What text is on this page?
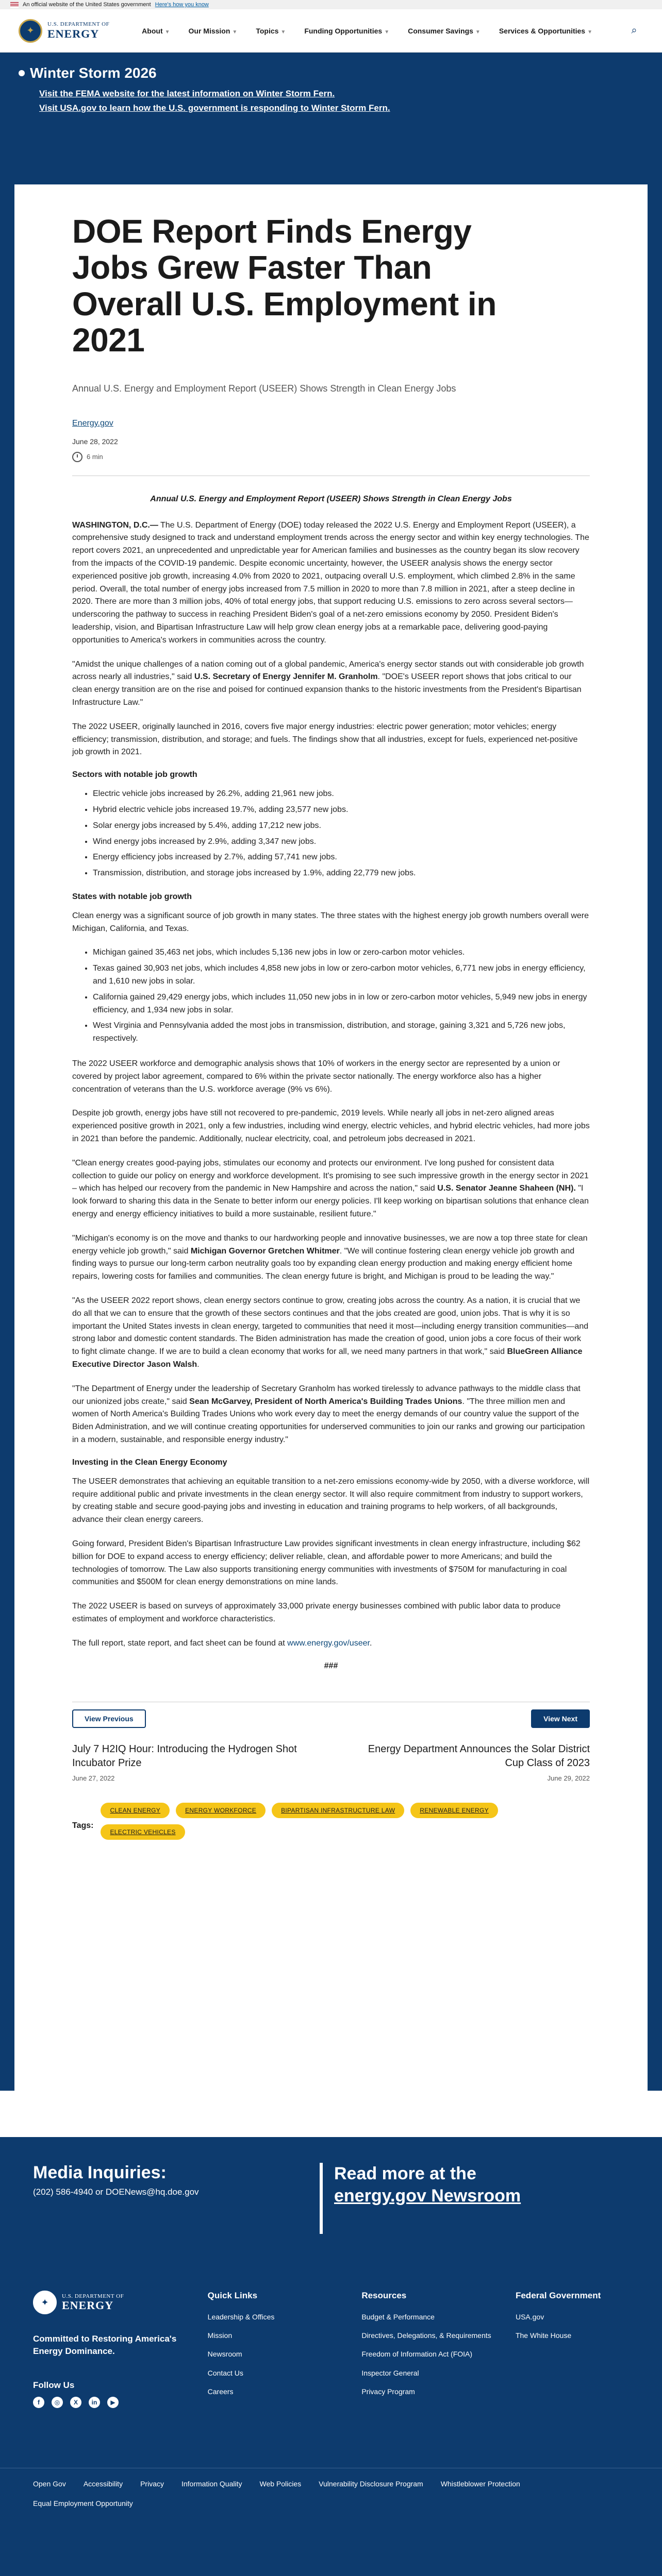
An official website of the United States government Here's how you know
✦
U.S. DEPARTMENT OF
ENERGY	About ▼	Our Mission ▼	Topics ▼	Funding Opportunities ▼	Consumer Savings ▼	Services & Opportunities ▼	⌕
Winter Storm 2026
Visit the FEMA website for the latest information on Winter Storm Fern.
Visit USA.gov to learn how the U.S. government is responding to Winter Storm Fern.
DOE Report Finds Energy Jobs Grew Faster Than Overall U.S. Employment in 2021
Annual U.S. Energy and Employment Report (USEER) Shows Strength in Clean Energy Jobs
Energy.gov
June 28, 2022
6 min
Annual U.S. Energy and Employment Report (USEER) Shows Strength in Clean Energy Jobs

WASHINGTON, D.C.— The U.S. Department of Energy (DOE) today released the 2022 U.S. Energy and Employment Report (USEER), a comprehensive study designed to track and understand employment trends across the energy sector and within key energy technologies. The report covers 2021, an unprecedented and unpredictable year for American families and businesses as the country began its slow recovery from the impacts of the COVID-19 pandemic. Despite economic uncertainty, however, the USEER analysis shows the energy sector experienced positive job growth, increasing 4.0% from 2020 to 2021, outpacing overall U.S. employment, which climbed 2.8% in the same period. Overall, the total number of energy jobs increased from 7.5 million in 2020 to more than 7.8 million in 2021, after a steep decline in 2020. There are more than 3 million jobs, 40% of total energy jobs, that support reducing U.S. emissions to zero across several sectors—underscoring the pathway to success in reaching President Biden's goal of a net-zero emissions economy by 2050. President Biden's leadership, vision, and Bipartisan Infrastructure Law will help grow clean energy jobs at a remarkable pace, delivering good-paying opportunities to America's workers in communities across the country.

"Amidst the unique challenges of a nation coming out of a global pandemic, America's energy sector stands out with considerable job growth across nearly all industries," said U.S. Secretary of Energy Jennifer M. Granholm. "DOE's USEER report shows that jobs critical to our clean energy transition are on the rise and poised for continued expansion thanks to the historic investments from the President's Bipartisan Infrastructure Law."

The 2022 USEER, originally launched in 2016, covers five major energy industries: electric power generation; motor vehicles; energy efficiency; transmission, distribution, and storage; and fuels. The findings show that all industries, except for fuels, experienced net-positive job growth in 2021.

Sectors with notable job growth
• Electric vehicle jobs increased by 26.2%, adding 21,961 new jobs.
• Hybrid electric vehicle jobs increased 19.7%, adding 23,577 new jobs.
• Solar energy jobs increased by 5.4%, adding 17,212 new jobs.
• Wind energy jobs increased by 2.9%, adding 3,347 new jobs.
• Energy efficiency jobs increased by 2.7%, adding 57,741 new jobs.
• Transmission, distribution, and storage jobs increased by 1.9%, adding 22,779 new jobs.
States with notable job growth

Clean energy was a significant source of job growth in many states. The three states with the highest energy job growth numbers overall were Michigan, California, and Texas.

• Michigan gained 35,463 net jobs, which includes 5,136 new jobs in low or zero-carbon motor vehicles.
• Texas gained 30,903 net jobs, which includes 4,858 new jobs in low or zero-carbon motor vehicles, 6,771 new jobs in energy efficiency, and 1,610 new jobs in solar.
• California gained 29,429 energy jobs, which includes 11,050 new jobs in in low or zero-carbon motor vehicles, 5,949 new jobs in energy efficiency, and 1,934 new jobs in solar.
• West Virginia and Pennsylvania added the most jobs in transmission, distribution, and storage, gaining 3,321 and 5,726 new jobs, respectively.

The 2022 USEER workforce and demographic analysis shows that 10% of workers in the energy sector are represented by a union or covered by project labor agreement, compared to 6% within the private sector nationally. The energy workforce also has a higher concentration of veterans than the U.S. workforce average (9% vs 6%).

Despite job growth, energy jobs have still not recovered to pre-pandemic, 2019 levels. While nearly all jobs in net-zero aligned areas experienced positive growth in 2021, only a few industries, including wind energy, electric vehicles, and hybrid electric vehicles, had more jobs in 2021 than before the pandemic. Additionally, nuclear electricity, coal, and petroleum jobs decreased in 2021.

"Clean energy creates good-paying jobs, stimulates our economy and protects our environment. I've long pushed for consistent data collection to guide our policy on energy and workforce development. It's promising to see such impressive growth in the energy sector in 2021 – which has helped our recovery from the pandemic in New Hampshire and across the nation," said U.S. Senator Jeanne Shaheen (NH). "I look forward to sharing this data in the Senate to better inform our energy policies. I'll keep working on bipartisan solutions that enhance clean energy and energy efficiency initiatives to build a more sustainable, resilient future."

"Michigan's economy is on the move and thanks to our hardworking people and innovative businesses, we are now a top three state for clean energy vehicle job growth," said Michigan Governor Gretchen Whitmer. "We will continue fostering clean energy vehicle job growth and finding ways to pursue our long-term carbon neutrality goals too by expanding clean energy production and making energy efficient home repairs, lowering costs for families and communities. The clean energy future is bright, and Michigan is proud to be leading the way."

"As the USEER 2022 report shows, clean energy sectors continue to grow, creating jobs across the country. As a nation, it is crucial that we do all that we can to ensure that the growth of these sectors continues and that the jobs created are good, union jobs. That is why it is so important the United States invests in clean energy, targeted to communities that need it most—including energy transition communities—and strong labor and domestic content standards. The Biden administration has made the creation of good, union jobs a core focus of their work to fight climate change. If we are to build a clean economy that works for all, we need many partners in that work," said BlueGreen Alliance Executive Director Jason Walsh.

"The Department of Energy under the leadership of Secretary Granholm has worked tirelessly to advance pathways to the middle class that our unionized jobs create," said Sean McGarvey, President of North America's Building Trades Unions. "The three million men and women of North America's Building Trades Unions who work every day to meet the energy demands of our country value the support of the Biden Administration, and we will continue creating opportunities for underserved communities to join our ranks and growing our participation in a modern, sustainable, and responsible energy industry."

Investing in the Clean Energy Economy

The USEER demonstrates that achieving an equitable transition to a net-zero emissions economy-wide by 2050, with a diverse workforce, will require additional public and private investments in the clean energy sector. It will also require commitment from industry to support workers, by creating stable and secure good-paying jobs and investing in education and training programs to help workers, of all backgrounds, advance their clean energy careers.

Going forward, President Biden's Bipartisan Infrastructure Law provides significant investments in clean energy infrastructure, including $62 billion for DOE to expand access to energy efficiency; deliver reliable, clean, and affordable power to more Americans; and build the technologies of tomorrow. The Law also supports transitioning energy communities with investments of $750M for manufacturing in coal communities and $500M for clean energy demonstrations on mine lands.

The 2022 USEER is based on surveys of approximately 33,000 private energy businesses combined with public labor data to produce estimates of employment and workforce characteristics.

The full report, state report, and fact sheet can be found at www.energy.gov/useer.

###
View Previous
July 7 H2IQ Hour: Introducing the Hydrogen Shot Incubator Prize
June 27, 2022
View Next
Energy Department Announces the Solar District Cup Class of 2023
June 29, 2022
Tags:
CLEAN ENERGY	ENERGY WORKFORCE	BIPARTISAN INFRASTRUCTURE LAW	RENEWABLE ENERGY
ELECTRIC VEHICLES
Media Inquiries:
(202) 586-4940 or DOENews@hq.doe.gov
Read more at the
energy.gov Newsroom
✦
U.S. DEPARTMENT OF
ENERGY
Committed to Restoring America's Energy Dominance.
Follow Us
f	◎	X	in	▶
Quick Links
Leadership & Offices
Mission
Newsroom
Contact Us
Careers
Resources
Budget & Performance
Directives, Delegations, & Requirements
Freedom of Information Act (FOIA)
Inspector General
Privacy Program
Federal Government
USA.gov
The White House
Open Gov Accessibility Privacy Information Quality Web Policies Vulnerability Disclosure Program Whistleblower Protection
Equal Employment Opportunity
